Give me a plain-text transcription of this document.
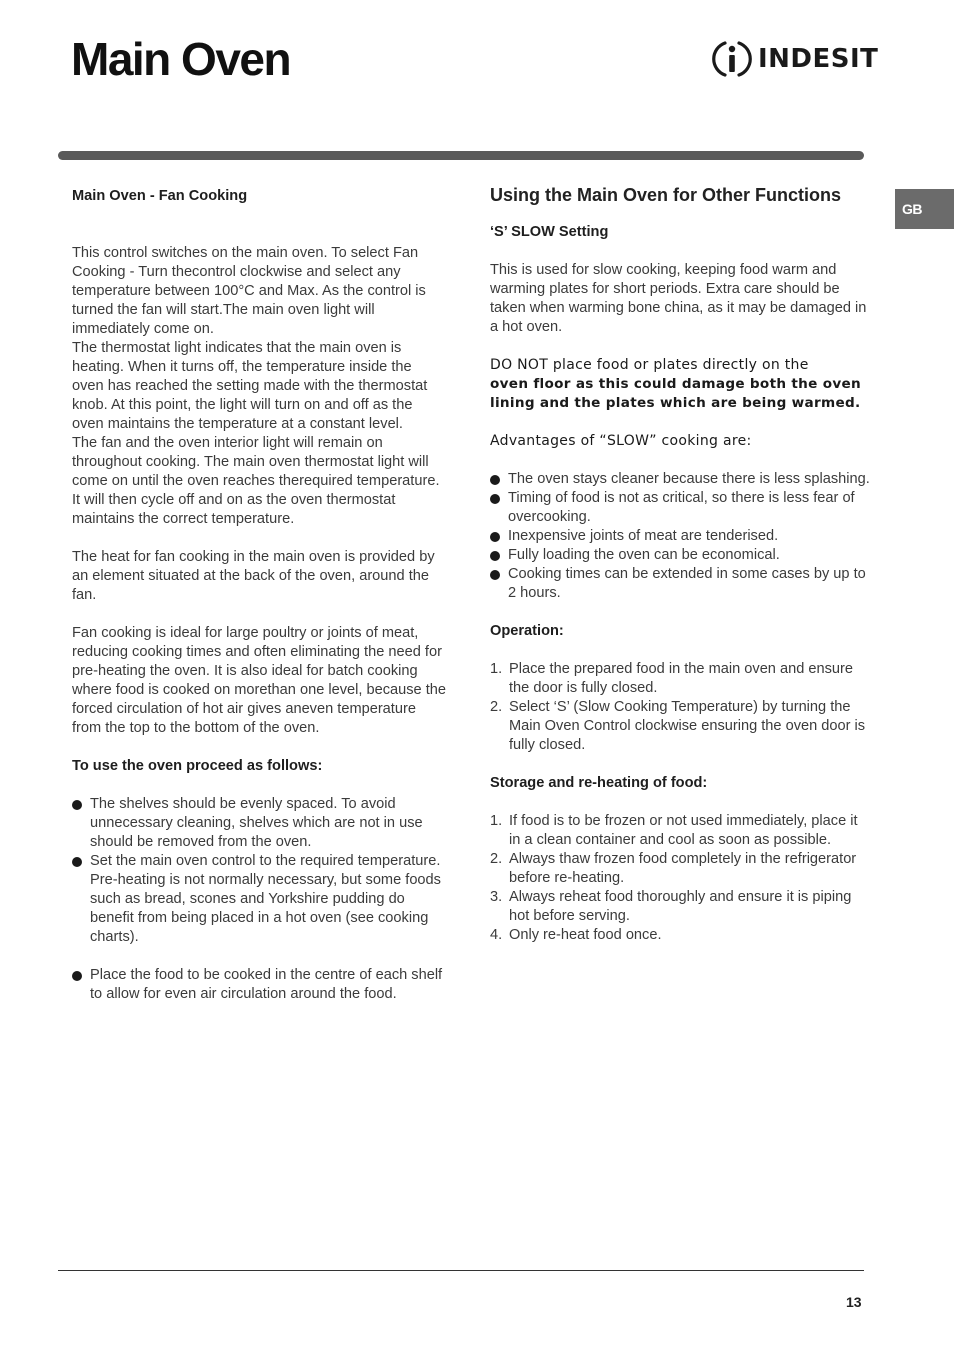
Main Oven	INDESIT
GB

Main Oven - Fan Cooking

This control switches on the main oven. To select Fan Cooking - Turn thecontrol clockwise and select any temperature between 100°C and Max. As the control is turned the fan will start.The main oven light will immediately come on.

The thermostat light indicates that the main oven is heating. When it turns off, the temperature inside the oven has reached the setting made with the thermostat knob. At this point, the light will turn on and off as the oven maintains the temperature at a constant level.

The fan and the oven interior light will remain on throughout cooking. The main oven thermostat light will come on until the oven reaches therequired temperature. It will then cycle off and on as the oven thermostat maintains the correct temperature.

The heat for fan cooking in the main oven is provided by an element situated at the back of the oven, around the fan.

Fan cooking is ideal for large poultry or joints of meat, reducing cooking times and often eliminating the need for pre-heating the oven. It is also ideal for batch cooking where food is cooked on morethan one level, because the forced circulation of hot air gives aneven temperature from the top to the bottom of the oven.

To use the oven proceed as follows:

The shelves should be evenly spaced. To avoid unnecessary cleaning, shelves which are not in use should be removed from the oven.
Set the main oven control to the required temperature. Pre-heating is not normally necessary, but some foods such as bread, scones and Yorkshire pudding do benefit from being placed in a hot oven (see cooking charts).
Place the food to be cooked in the centre of each shelf to allow for even air circulation around the food.
Using the Main Oven for Other Functions

‘S’ SLOW Setting

This is used for slow cooking, keeping food warm and warming plates for short periods. Extra care should be taken when warming bone china, as it may be damaged in a hot oven.

DO NOT place food or plates directly on the

oven floor as this could damage both the oven lining and the plates which are being warmed.

Advantages of “SLOW” cooking are:

The oven stays cleaner because there is less splashing.
Timing of food is not as critical, so there is less fear of overcooking.
Inexpensive joints of meat are tenderised.
Fully loading the oven can be economical.
Cooking times can be extended in some cases by up to 2 hours.

Operation:

1. Place the prepared food in the main oven and ensure the door is fully closed.
2. Select ‘S’ (Slow Cooking Temperature) by turning the Main Oven Control clockwise ensuring the oven door is fully closed.

Storage and re-heating of food:

1. If food is to be frozen or not used immediately, place it in a clean container and cool as soon as possible.
2. Always thaw frozen food completely in the refrigerator before re-heating.
3. Always reheat food thoroughly and ensure it is piping hot before serving.
4. Only re-heat food once.
13
